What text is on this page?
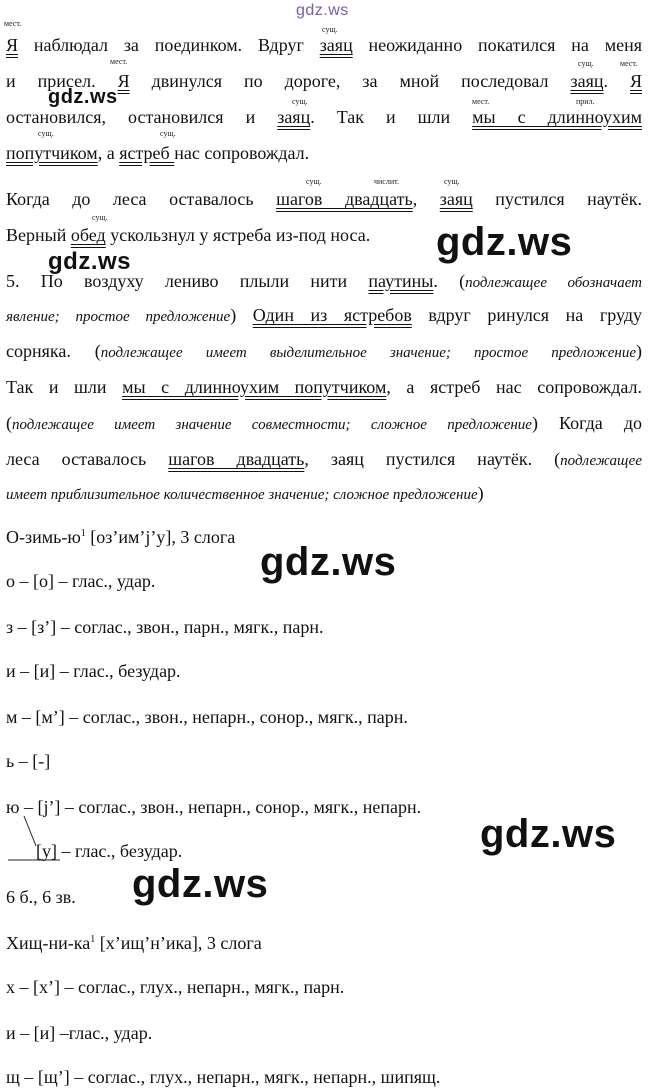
gdz.ws
gdz.ws
gdz.ws
gdz.ws
gdz.ws
gdz.ws
gdz.ws
мест.
сущ.
мест.	сущ.	мест.
сущ.	мест.	прил.
сущ.	сущ.
Я наблюдал за поединком. Вдруг заяц неожиданно покатился на меня
и присел. Я двинулся по дороге, за мной последовал заяц. Я
остановился, остановился и заяц. Так и шли мы с длинноухим
попутчиком, а ястреб нас сопровождал.
сущ.	числит.	сущ.
сущ.
Когда до леса оставалось шагов двадцать, заяц пустился наутёк.
Верный обед ускользнул у ястреба из-под носа.
5. По воздуху лениво плыли нити паутины. (подлежащее обозначает
явление; простое предложение) Один из ястребов вдруг ринулся на груду
сорняка. (подлежащее имеет выделительное значение; простое предложение)
Так и шли мы с длинноухим попутчиком, а ястреб нас сопровождал.
(подлежащее имеет значение совместности; сложное предложение) Когда до
леса оставалось шагов двадцать, заяц пустился наутёк. (подлежащее
имеет приблизительное количественное значение; сложное предложение)
$О-зимь-ю^1$ [оз’им’j’у], 3 слога
о – [о] – глас., удар.
з – [з’] – соглас., звон., парн., мягк., парн.
и – [и] – глас., безудар.
м – [м’] – соглас., звон., непарн., сонор., мягк., парн.
ь – [-]
ю – [j’] – соглас., звон., непарн., сонор., мягк., непарн.
[у] – глас., безудар.
6 б., 6 зв.
Хищ-$ни-ка^1$ [х’ищ’н’ика], 3 слога
х – [х’] – соглас., глух., непарн., мягк., парн.
и – [и] –глас., удар.
щ – [щ’] – соглас., глух., непарн., мягк., непарн., шипящ.
